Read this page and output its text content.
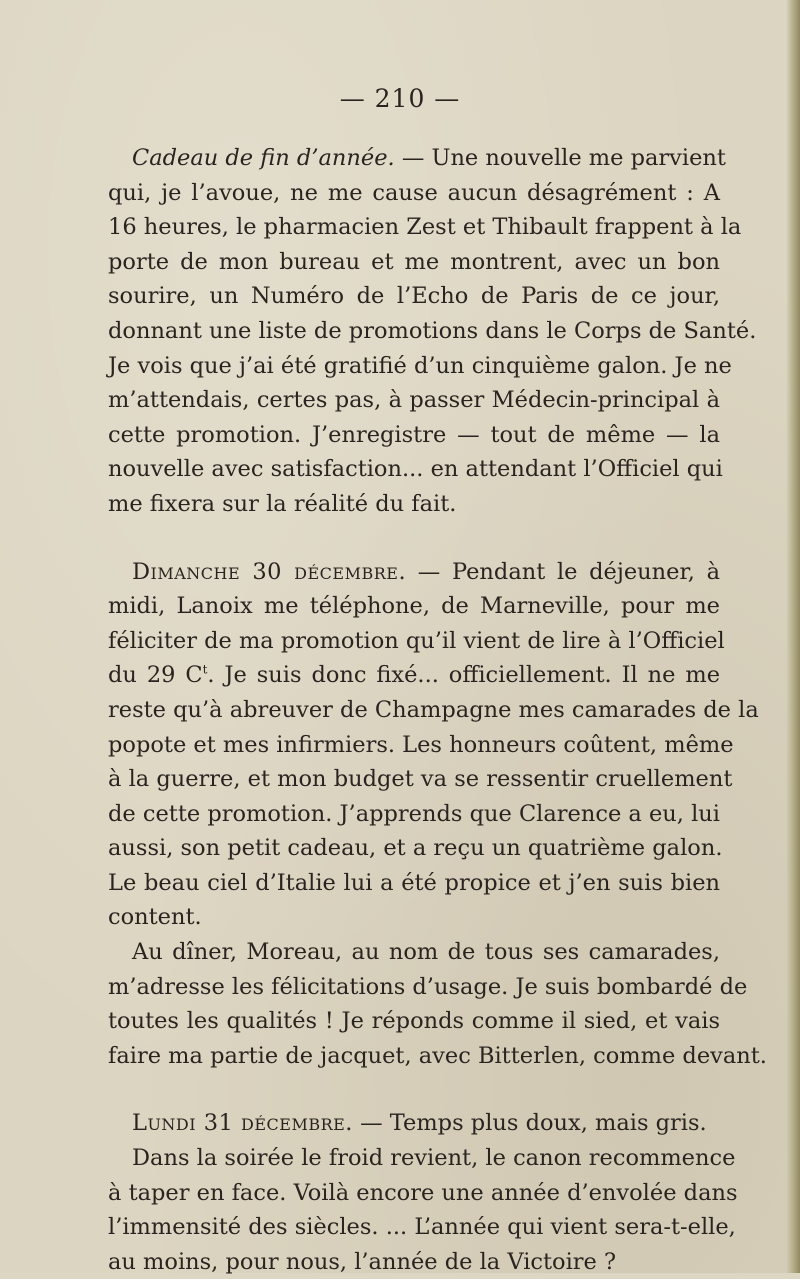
— 210 —
Cadeau de fin d’année. — Une nouvelle me parvient
qui, je l’avoue, ne me cause aucun désagrément : A
16 heures, le pharmacien Zest et Thibault frappent à la
porte de mon bureau et me montrent, avec un bon
sourire, un Numéro de l’Echo de Paris de ce jour,
donnant une liste de promotions dans le Corps de Santé.
Je vois que j’ai été gratifié d’un cinquième galon. Je ne
m’attendais, certes pas, à passer Médecin-principal à
cette promotion. J’enregistre — tout de même — la
nouvelle avec satisfaction... en attendant l’Officiel qui
me fixera sur la réalité du fait.
Dimanche 30 décembre. — Pendant le déjeuner, à
midi, Lanoix me téléphone, de Marneville, pour me
féliciter de ma promotion qu’il vient de lire à l’Officiel
du 29 $C^t$. Je suis donc fixé... officiellement. Il ne me
reste qu’à abreuver de Champagne mes camarades de la
popote et mes infirmiers. Les honneurs coûtent, même
à la guerre, et mon budget va se ressentir cruellement
de cette promotion. J’apprends que Clarence a eu, lui
aussi, son petit cadeau, et a reçu un quatrième galon.
Le beau ciel d’Italie lui a été propice et j’en suis bien
content.
Au dîner, Moreau, au nom de tous ses camarades,
m’adresse les félicitations d’usage. Je suis bombardé de
toutes les qualités ! Je réponds comme il sied, et vais
faire ma partie de jacquet, avec Bitterlen, comme devant.
Lundi 31 décembre. — Temps plus doux, mais gris.
Dans la soirée le froid revient, le canon recommence
à taper en face. Voilà encore une année d’envolée dans
l’immensité des siècles. ... L’année qui vient sera-t-elle,
au moins, pour nous, l’année de la Victoire ?
